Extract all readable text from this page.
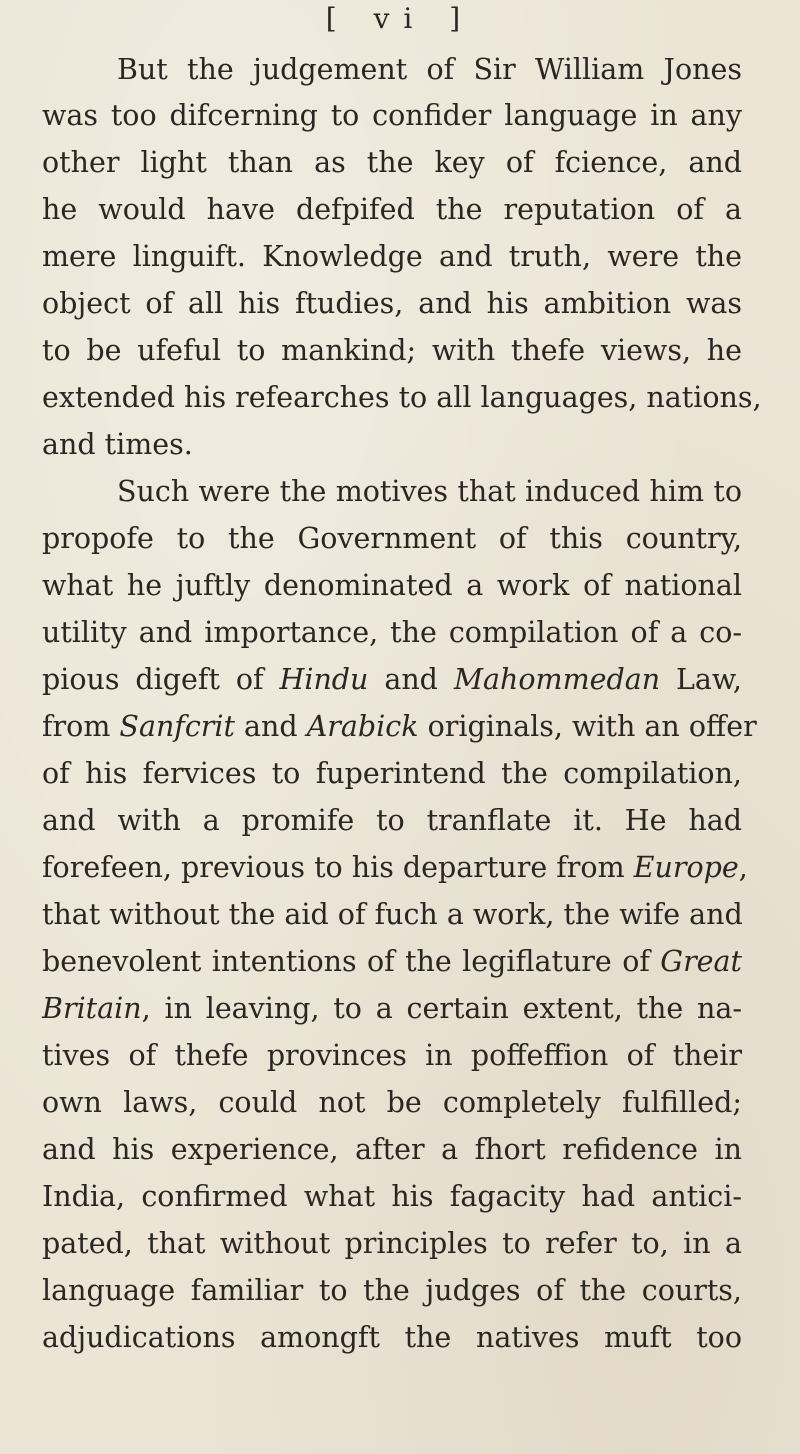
[ vi ]
But the judgement of Sir William Jones
was too difcerning to confider language in any
other light than as the key of fcience, and
he would have defpifed the reputation of a
mere linguift. Knowledge and truth, were the
object of all his ftudies, and his ambition was
to be ufeful to mankind; with thefe views, he
extended his refearches to all languages, nations,
and times.
Such were the motives that induced him to
propofe to the Government of this country,
what he juftly denominated a work of national
utility and importance, the compilation of a co-
pious digeft of Hindu and Mahommedan Law,
from Sanfcrit and Arabick originals, with an offer
of his fervices to fuperintend the compilation,
and with a promife to tranflate it. He had
forefeen, previous to his departure from Europe,
that without the aid of fuch a work, the wife and
benevolent intentions of the legiflature of Great
Britain, in leaving, to a certain extent, the na-
tives of thefe provinces in poffeffion of their
own laws, could not be completely fulfilled;
and his experience, after a fhort refidence in
India, confirmed what his fagacity had antici-
pated, that without principles to refer to, in a
language familiar to the judges of the courts,
adjudications amongft the natives muft too
